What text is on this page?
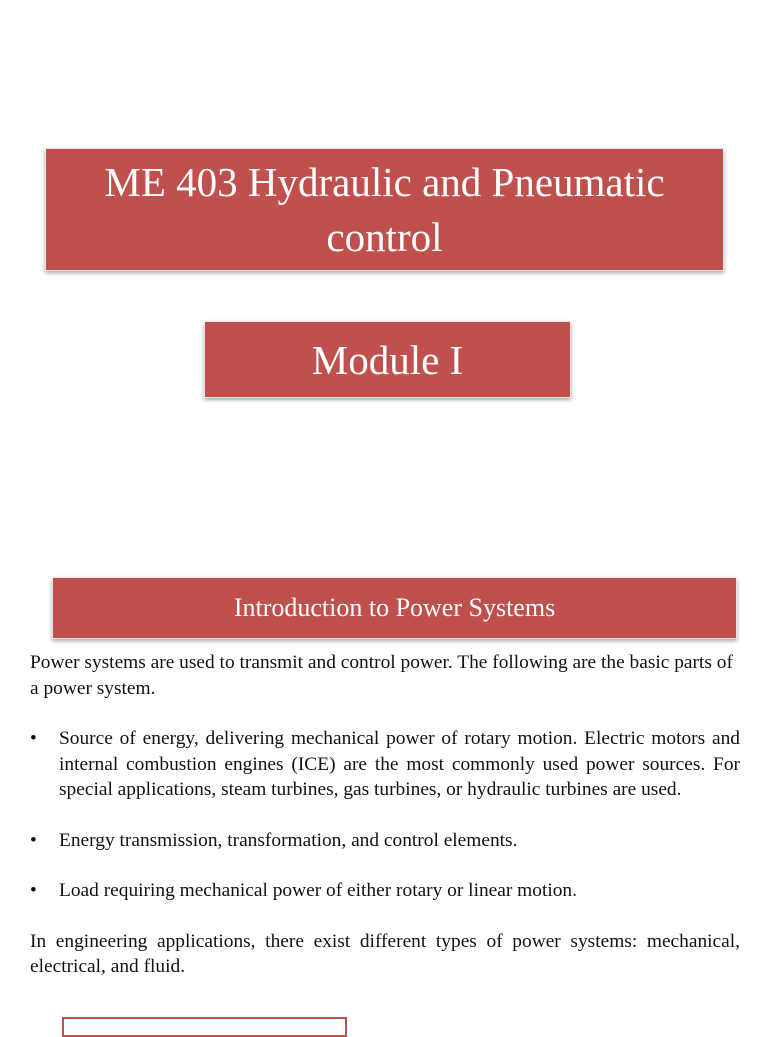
ME 403 Hydraulic and Pneumatic control
Module I
Introduction to Power Systems

Power systems are used to transmit and control power. The following are the basic parts of a power system.

•	Source of energy, delivering mechanical power of rotary motion. Electric motors and internal combustion engines (ICE) are the most commonly used power sources. For special applications, steam turbines, gas turbines, or hydraulic turbines are used.
•	Energy transmission, transformation, and control elements.
•	Load requiring mechanical power of either rotary or linear motion.

In engineering applications, there exist different types of power systems: mechanical, electrical, and fluid.
